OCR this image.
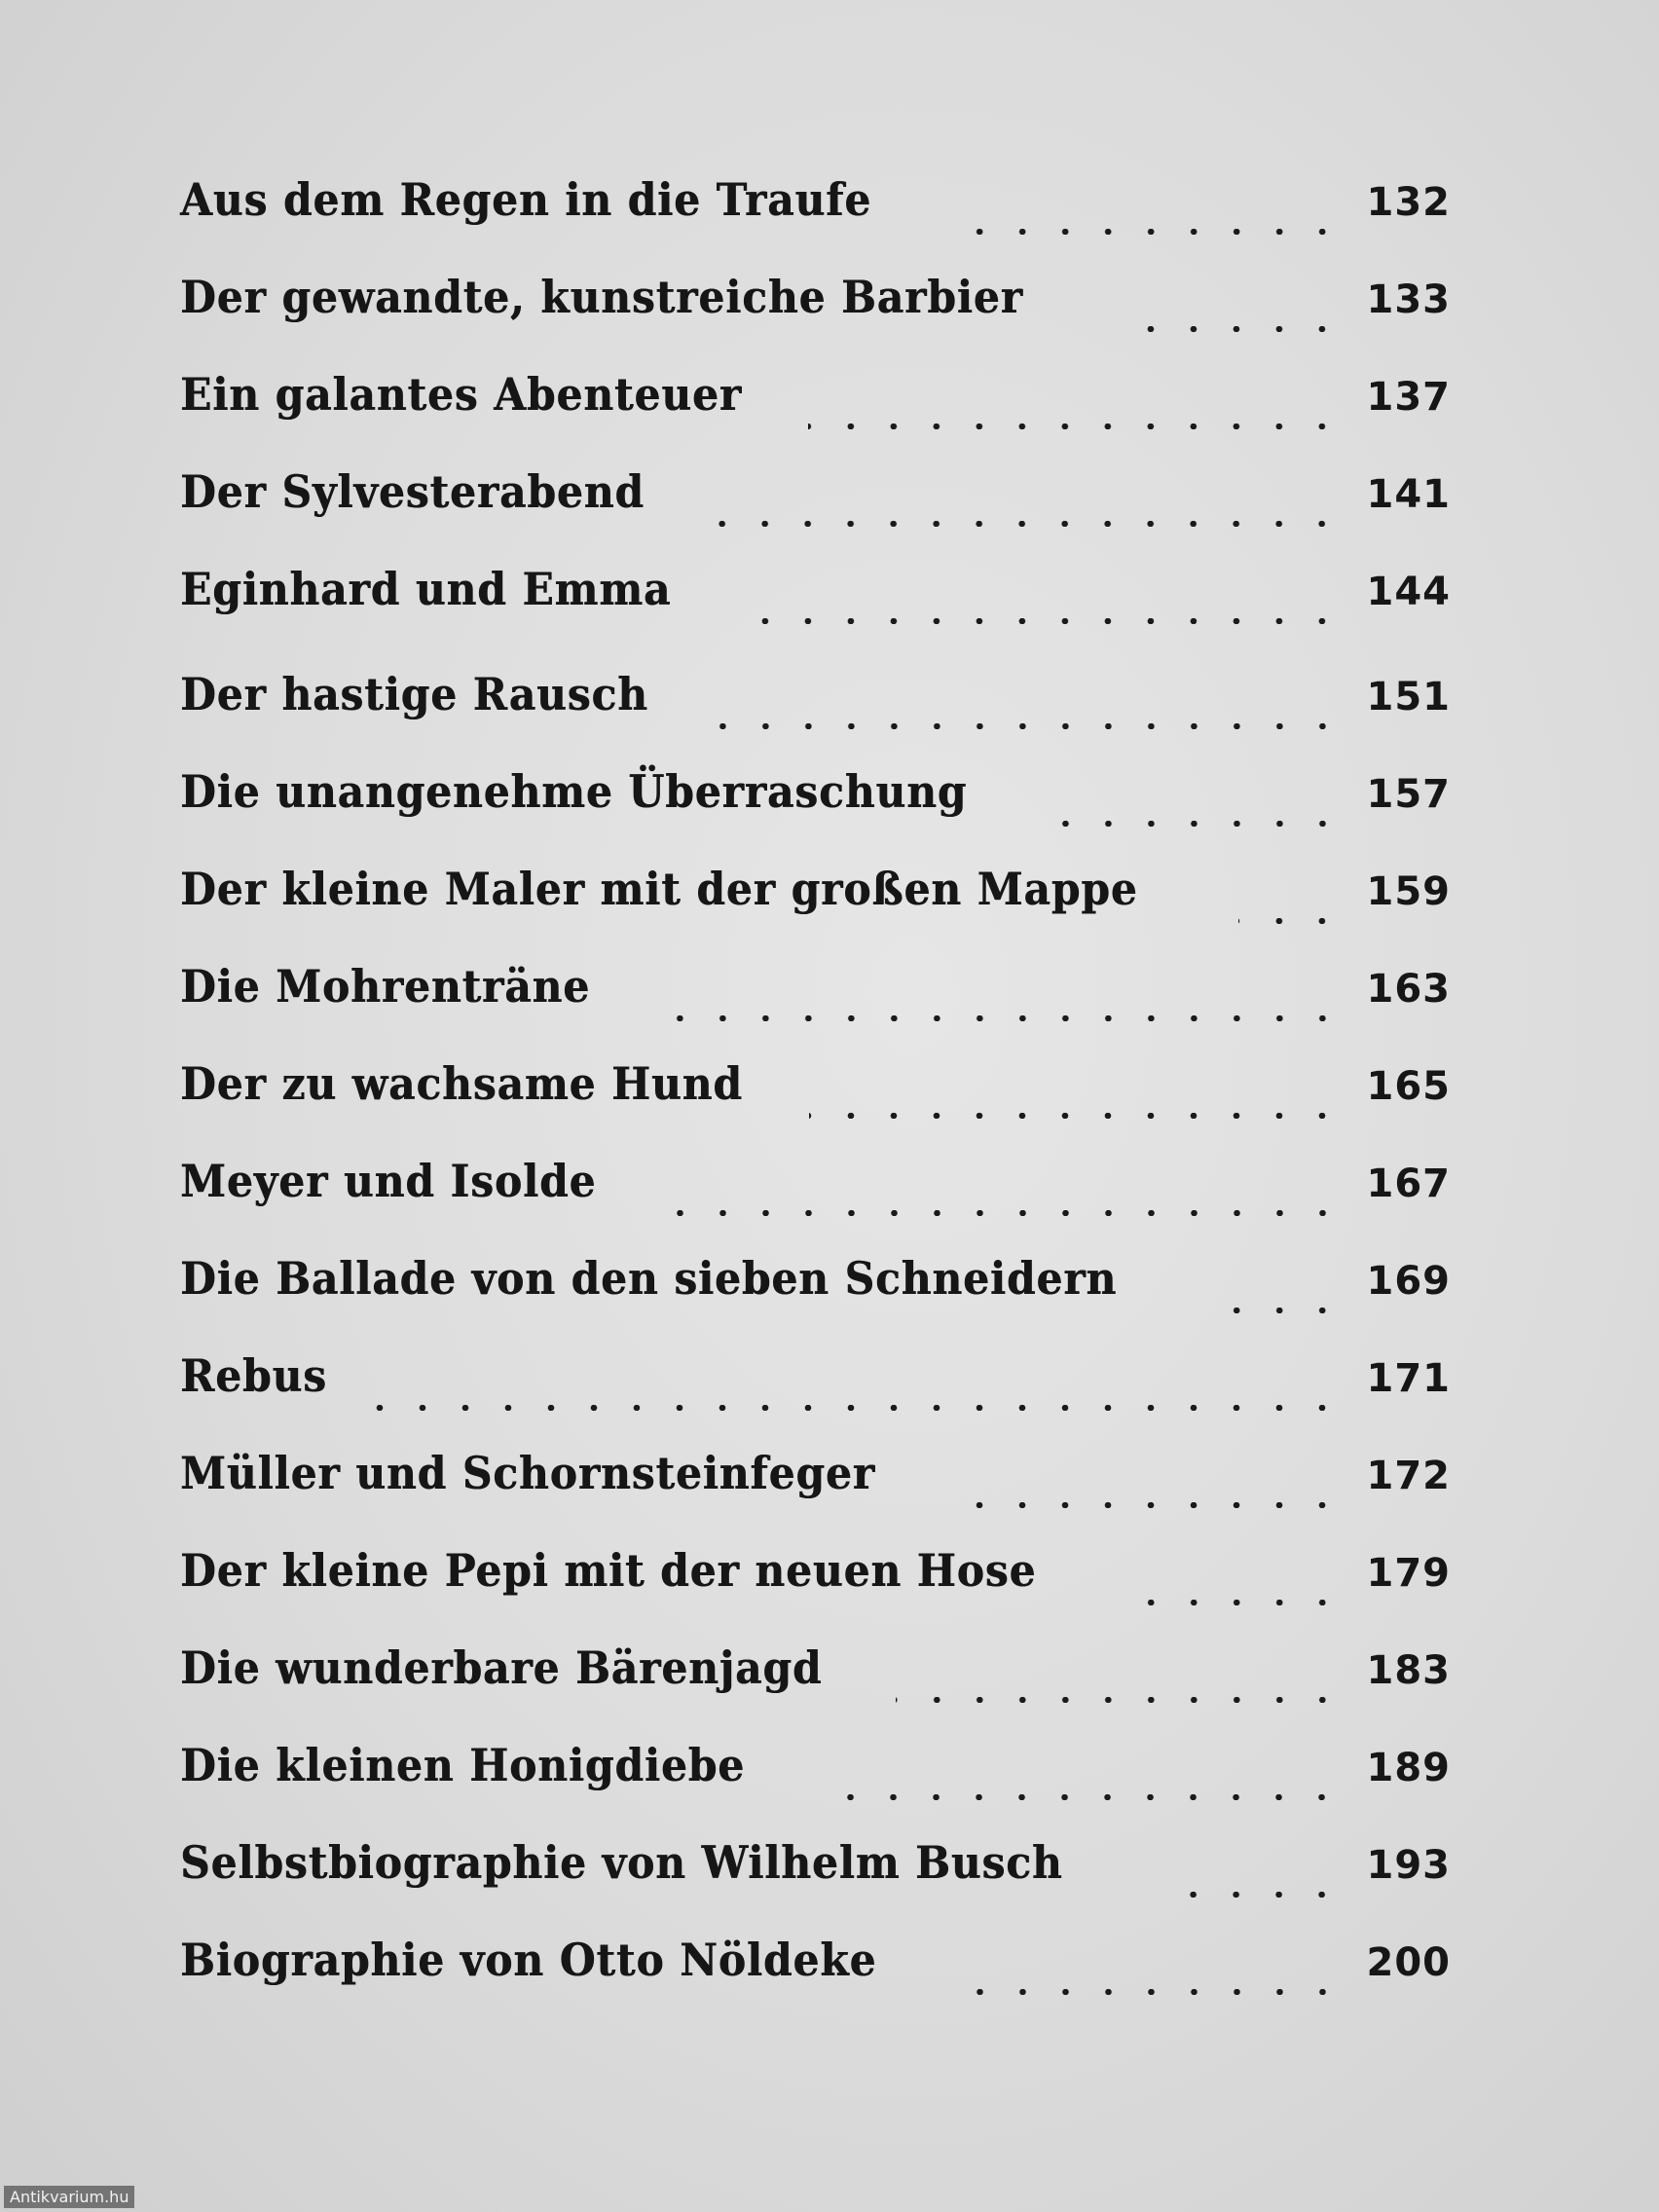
Aus dem Regen in die Traufe	132
Der gewandte, kunstreiche Barbier	133
Ein galantes Abenteuer	137
Der Sylvesterabend	141
Eginhard und Emma	144
Der hastige Rausch	151
Die unangenehme Überraschung	157
Der kleine Maler mit der großen Mappe	159
Die Mohrenträne	163
Der zu wachsame Hund	165
Meyer und Isolde	167
Die Ballade von den sieben Schneidern	169
Rebus	171
Müller und Schornsteinfeger	172
Der kleine Pepi mit der neuen Hose	179
Die wunderbare Bärenjagd	183
Die kleinen Honigdiebe	189
Selbstbiographie von Wilhelm Busch	193
Biographie von Otto Nöldeke	200
Antikvarium.hu
